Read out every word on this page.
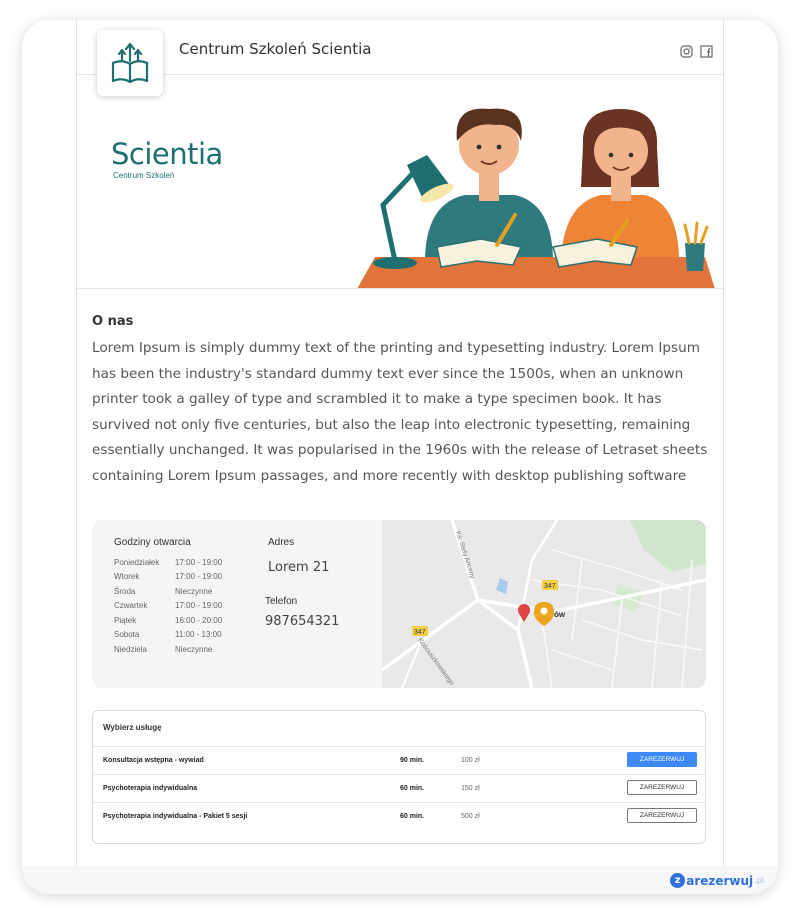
Centrum Szkoleń Scientia
Scientia
Centrum Szkoleń
O nas
Lorem Ipsum is simply dummy text of the printing and typesetting industry. Lorem Ipsum has been the industry's standard dummy text ever since the 1500s, when an unknown printer took a galley of type and scrambled it to make a type specimen book. It has survived not only five centuries, but also the leap into electronic typesetting, remaining essentially unchanged. It was popularised in the 1960s with the release of Letraset sheets containing Lorem Ipsum passages, and more recently with desktop publishing software
Godziny otwarcia
Poniedziałek	17:00 - 19:00
Wtorek	17:00 - 19:00
Środa	Nieczynne
Czwartek	17:00 - 19:00
Piątek	16:00 - 20:00
Sobota	11:00 - 13:00
Niedziela	Nieczynne
Adres
Lorem 21
Telefon
987654321
347
347
Ks. Stefy Ariceny
Kościuszkowskiego
ów
Wybierz usługę
Konsultacja wstępna - wywiad	90 min.	100 zł	ZAREZERWUJ
Psychoterapia indywidualna	60 min.	150 zł	ZAREZERWUJ
Psychoterapia indywidualna - Pakiet 5 sesji	60 min.	500 zł	ZAREZERWUJ
z arezerwuj .pl
